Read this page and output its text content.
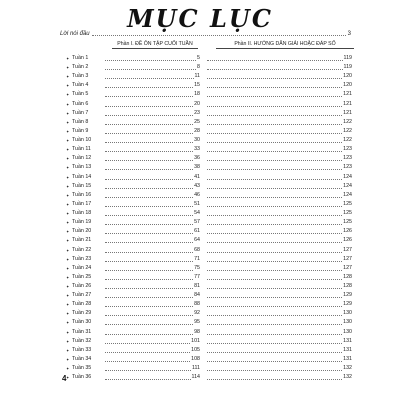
MỤC LỤC
Phần I. ĐỀ ÔN TẬP CUỐI TUẦN	Phần II. HƯỚNG DẪN GIẢI HOẶC ĐÁP SỐ
Lời nói đầu	3
✦ Tuần 1	5	119
✦ Tuần 2	8	119
✦ Tuần 3	11	120
✦ Tuần 4	15	120
✦ Tuần 5	18	121
✦ Tuần 6	20	121
✦ Tuần 7	23	121
✦ Tuần 8	25	122
✦ Tuần 9	28	122
✦ Tuần 10	30	122
✦ Tuần 11	33	123
✦ Tuần 12	36	123
✦ Tuần 13	38	123
✦ Tuần 14	41	124
✦ Tuần 15	43	124
✦ Tuần 16	46	124
✦ Tuần 17	51	125
✦ Tuần 18	54	125
✦ Tuần 19	57	125
✦ Tuần 20	61	126
✦ Tuần 21	64	126
✦ Tuần 22	68	127
✦ Tuần 23	71	127
✦ Tuần 24	75	127
✦ Tuần 25	77	128
✦ Tuần 26	81	128
✦ Tuần 27	84	129
✦ Tuần 28	88	129
✦ Tuần 29	92	130
✦ Tuần 30	95	130
✦ Tuần 31	98	130
✦ Tuần 32	101	131
✦ Tuần 33	105	131
✦ Tuần 34	108	131
✦ Tuần 35	111	132
✦ Tuần 36	114	132
4
